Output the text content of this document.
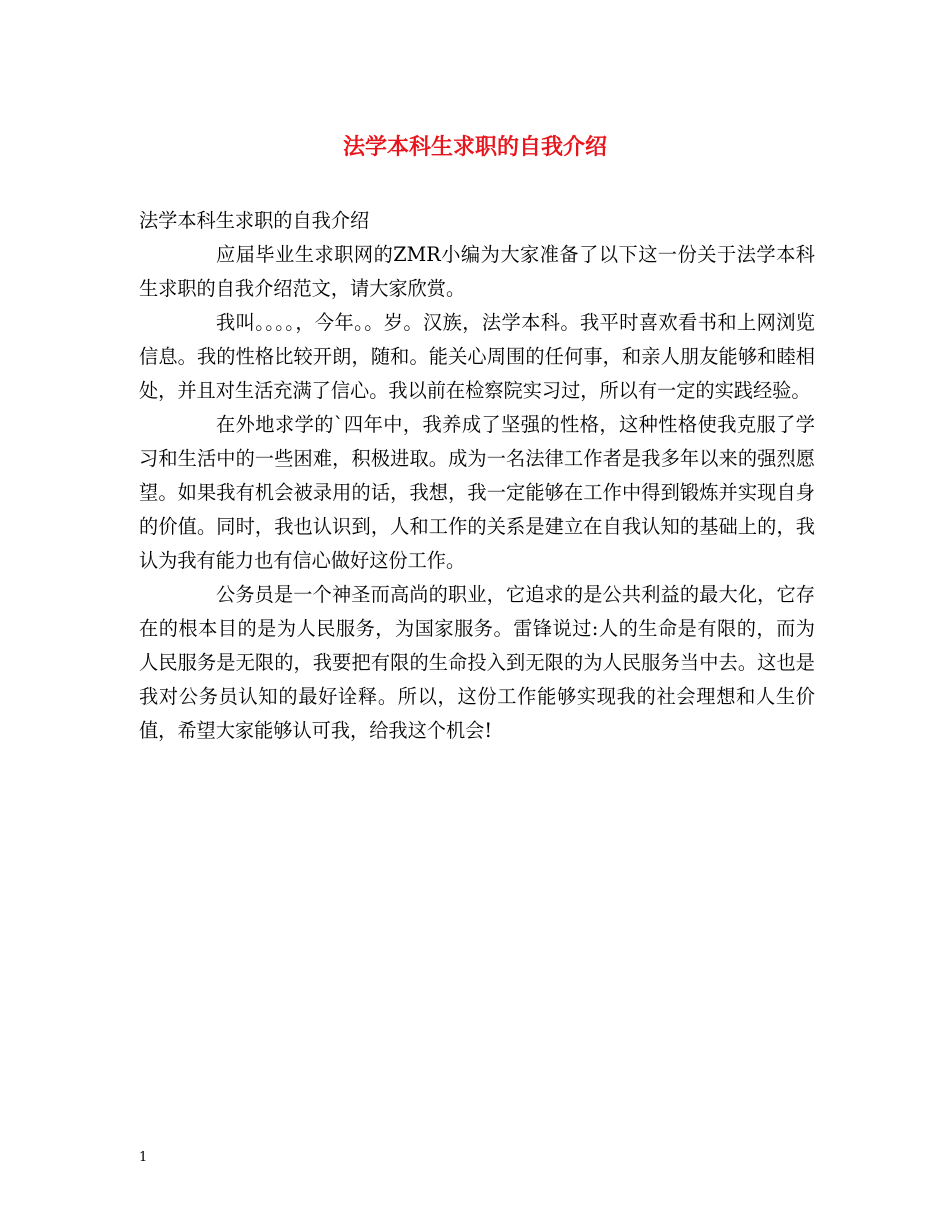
法学本科生求职的自我介绍

法学本科生求职的自我介绍

应届毕业生求职网的ZMR小编为大家准备了以下这一份关于法学本科生求职的自我介绍范文，请大家欣赏。

我叫。。。。，今年。。岁。汉族，法学本科。我平时喜欢看书和上网浏览信息。我的性格比较开朗，随和。能关心周围的任何事，和亲人朋友能够和睦相处，并且对生活充满了信心。我以前在检察院实习过，所以有一定的实践经验。

在外地求学的`四年中，我养成了坚强的性格，这种性格使我克服了学习和生活中的一些困难，积极进取。成为一名法律工作者是我多年以来的强烈愿望。如果我有机会被录用的话，我想，我一定能够在工作中得到锻炼并实现自身的价值。同时，我也认识到，人和工作的关系是建立在自我认知的基础上的，我认为我有能力也有信心做好这份工作。

公务员是一个神圣而高尚的职业，它追求的是公共利益的最大化，它存在的根本目的是为人民服务，为国家服务。雷锋说过:人的生命是有限的，而为人民服务是无限的，我要把有限的生命投入到无限的为人民服务当中去。这也是我对公务员认知的最好诠释。所以，这份工作能够实现我的社会理想和人生价值，希望大家能够认可我，给我这个机会!

1
